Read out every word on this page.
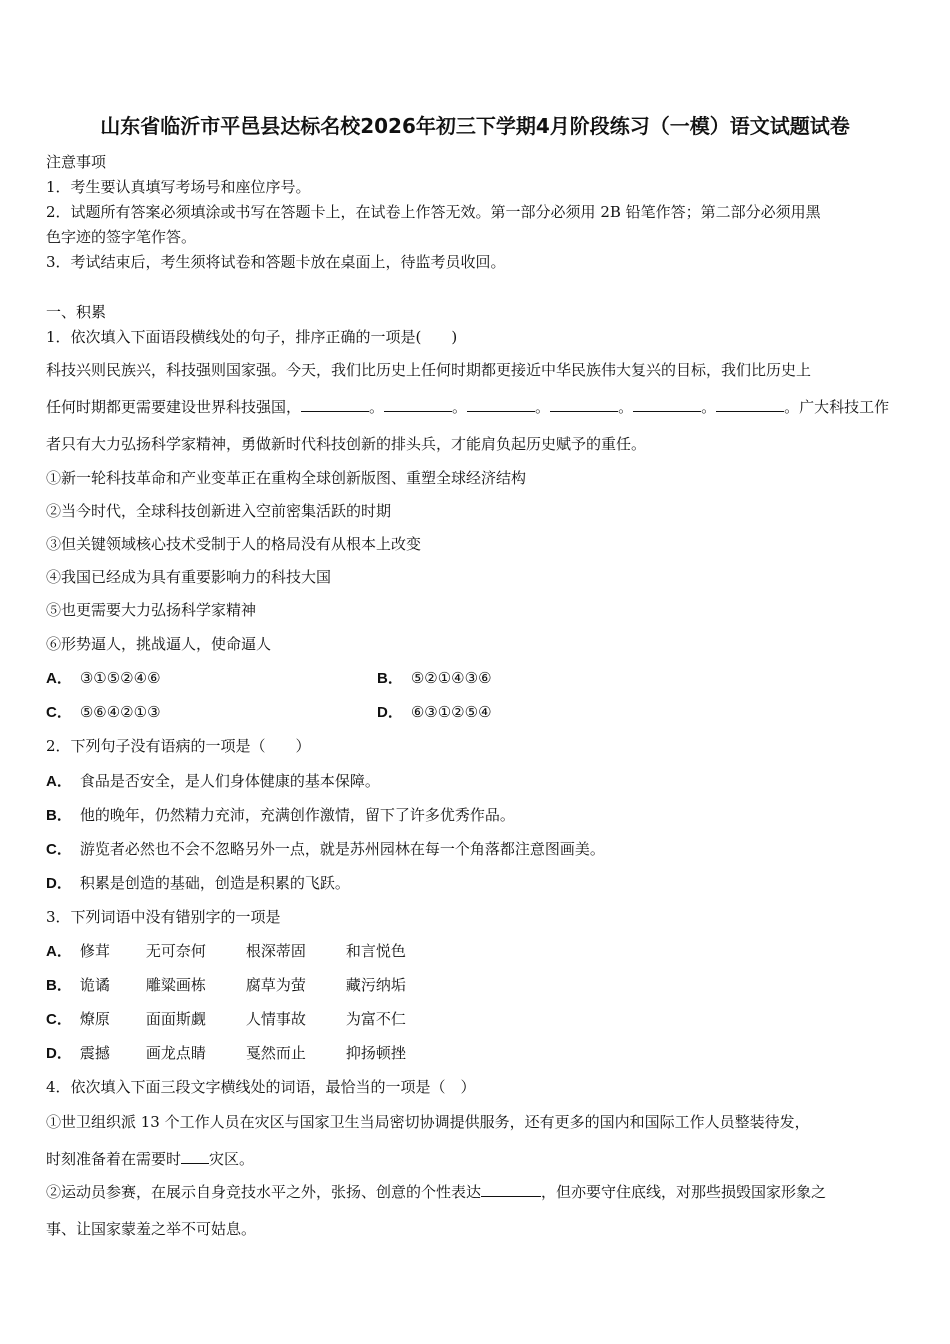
山东省临沂市平邑县达标名校2026年初三下学期4月阶段练习（一模）语文试题试卷
注意事项
1．考生要认真填写考场号和座位序号。
2．试题所有答案必须填涂或书写在答题卡上，在试卷上作答无效。第一部分必须用 2B 铅笔作答；第二部分必须用黑
色字迹的签字笔作答。
3．考试结束后，考生须将试卷和答题卡放在桌面上，待监考员收回。
一、积累
1．依次填入下面语段横线处的句子，排序正确的一项是(　　)
科技兴则民族兴，科技强则国家强。今天，我们比历史上任何时期都更接近中华民族伟大复兴的目标，我们比历史上
任何时期都更需要建设世界科技强国，	。	。	。	。	。	。广大科技工作
者只有大力弘扬科学家精神，勇做新时代科技创新的排头兵，才能肩负起历史赋予的重任。
①新一轮科技革命和产业变革正在重构全球创新版图、重塑全球经济结构
②当今时代，全球科技创新进入空前密集活跃的时期
③但关键领域核心技术受制于人的格局没有从根本上改变
④我国已经成为具有重要影响力的科技大国
⑤也更需要大力弘扬科学家精神
⑥形势逼人，挑战逼人，使命逼人
A． ③①⑤②④⑥	B． ⑤②①④③⑥
C． ⑤⑥④②①③	D． ⑥③①②⑤④
2．下列句子没有语病的一项是（　　）
A． 食品是否安全，是人们身体健康的基本保障。
B． 他的晚年，仍然精力充沛，充满创作激情，留下了许多优秀作品。
C． 游览者必然也不会不忽略另外一点，就是苏州园林在每一个角落都注意图画美。
D． 积累是创造的基础，创造是积累的飞跃。
3．下列词语中没有错别字的一项是
A． 修茸 无可奈何	根深蒂固	和言悦色
B． 诡谲 雕粱画栋	腐草为萤	藏污纳垢
C． 燎原 面面斯觑	人情事故	为富不仁
D． 震撼 画龙点睛	戛然而止	抑扬顿挫
4．依次填入下面三段文字横线处的词语，最恰当的一项是（　）
①世卫组织派 13 个工作人员在灾区与国家卫生当局密切协调提供服务，还有更多的国内和国际工作人员整装待发，
时刻准备着在需要时 灾区。
②运动员参赛，在展示自身竞技水平之外，张扬、创意的个性表达	，但亦要守住底线，对那些损毁国家形象之
事、让国家蒙羞之举不可姑息。
